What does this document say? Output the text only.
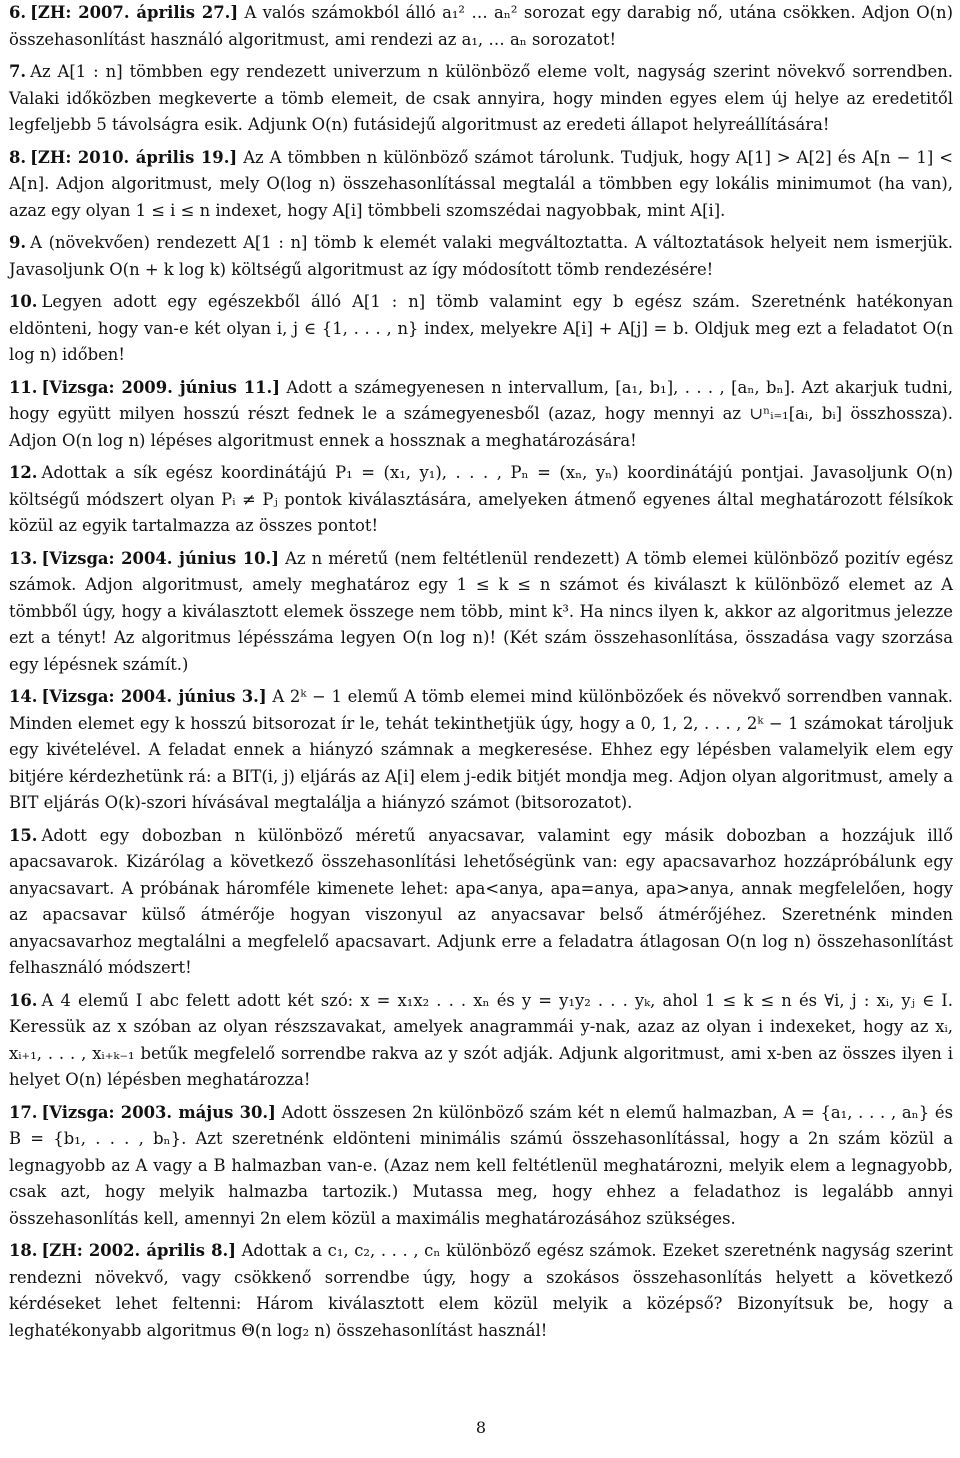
6. [ZH: 2007. április 27.] A valós számokból álló a₁² … aₙ² sorozat egy darabig nő, utána csökken. Adjon O(n) összehasonlítást használó algoritmust, ami rendezi az a₁, … aₙ sorozatot!

7. Az A[1 : n] tömbben egy rendezett univerzum n különböző eleme volt, nagyság szerint növekvő sorrendben. Valaki időközben megkeverte a tömb elemeit, de csak annyira, hogy minden egyes elem új helye az eredetitől legfeljebb 5 távolságra esik. Adjunk O(n) futásidejű algoritmust az eredeti állapot helyreállítására!

8. [ZH: 2010. április 19.] Az A tömbben n különböző számot tárolunk. Tudjuk, hogy A[1] > A[2] és A[n − 1] < A[n]. Adjon algoritmust, mely O(log n) összehasonlítással megtalál a tömbben egy lokális minimumot (ha van), azaz egy olyan 1 ≤ i ≤ n indexet, hogy A[i] tömbbeli szomszédai nagyobbak, mint A[i].

9. A (növekvően) rendezett A[1 : n] tömb k elemét valaki megváltoztatta. A változtatások helyeit nem ismerjük. Javasoljunk O(n + k log k) költségű algoritmust az így módosított tömb rendezésére!

10. Legyen adott egy egészekből álló A[1 : n] tömb valamint egy b egész szám. Szeretnénk hatékonyan eldönteni, hogy van-e két olyan i, j ∈ {1, . . . , n} index, melyekre A[i] + A[j] = b. Oldjuk meg ezt a feladatot O(n log n) időben!

11. [Vizsga: 2009. június 11.] Adott a számegyenesen n intervallum, [a₁, b₁], . . . , [aₙ, bₙ]. Azt akarjuk tudni, hogy együtt milyen hosszú részt fednek le a számegyenesből (azaz, hogy mennyi az ∪ⁿᵢ₌₁[aᵢ, bᵢ] összhossza). Adjon O(n log n) lépéses algoritmust ennek a hossznak a meghatározására!

12. Adottak a sík egész koordinátájú P₁ = (x₁, y₁), . . . , Pₙ = (xₙ, yₙ) koordinátájú pontjai. Javasoljunk O(n) költségű módszert olyan Pᵢ ≠ Pⱼ pontok kiválasztására, amelyeken átmenő egyenes által meghatározott félsíkok közül az egyik tartalmazza az összes pontot!

13. [Vizsga: 2004. június 10.] Az n méretű (nem feltétlenül rendezett) A tömb elemei különböző pozitív egész számok. Adjon algoritmust, amely meghatároz egy 1 ≤ k ≤ n számot és kiválaszt k különböző elemet az A tömbből úgy, hogy a kiválasztott elemek összege nem több, mint k³. Ha nincs ilyen k, akkor az algoritmus jelezze ezt a tényt! Az algoritmus lépésszáma legyen O(n log n)! (Két szám összehasonlítása, összadása vagy szorzása egy lépésnek számít.)

14. [Vizsga: 2004. június 3.] A 2ᵏ − 1 elemű A tömb elemei mind különbözőek és növekvő sorrendben vannak. Minden elemet egy k hosszú bitsorozat ír le, tehát tekinthetjük úgy, hogy a 0, 1, 2, . . . , 2ᵏ − 1 számokat tároljuk egy kivételével. A feladat ennek a hiányzó számnak a megkeresése. Ehhez egy lépésben valamelyik elem egy bitjére kérdezhetünk rá: a BIT(i, j) eljárás az A[i] elem j-edik bitjét mondja meg. Adjon olyan algoritmust, amely a BIT eljárás O(k)-szori hívásával megtalálja a hiányzó számot (bitsorozatot).

15. Adott egy dobozban n különböző méretű anyacsavar, valamint egy másik dobozban a hozzájuk illő apacsavarok. Kizárólag a következő összehasonlítási lehetőségünk van: egy apacsavarhoz hozzápróbálunk egy anyacsavart. A próbának háromféle kimenete lehet: apa<anya, apa=anya, apa>anya, annak megfelelően, hogy az apacsavar külső átmérője hogyan viszonyul az anyacsavar belső átmérőjéhez. Szeretnénk minden anyacsavarhoz megtalálni a megfelelő apacsavart. Adjunk erre a feladatra átlagosan O(n log n) összehasonlítást felhasználó módszert!

16. A 4 elemű I abc felett adott két szó: x = x₁x₂ . . . xₙ és y = y₁y₂ . . . yₖ, ahol 1 ≤ k ≤ n és ∀i, j : xᵢ, yⱼ ∈ I. Keressük az x szóban az olyan részszavakat, amelyek anagrammái y-nak, azaz az olyan i indexeket, hogy az xᵢ, xᵢ₊₁, . . . , xᵢ₊ₖ₋₁ betűk megfelelő sorrendbe rakva az y szót adják. Adjunk algoritmust, ami x-ben az összes ilyen i helyet O(n) lépésben meghatározza!

17. [Vizsga: 2003. május 30.] Adott összesen 2n különböző szám két n elemű halmazban, A = {a₁, . . . , aₙ} és B = {b₁, . . . , bₙ}. Azt szeretnénk eldönteni minimális számú összehasonlítással, hogy a 2n szám közül a legnagyobb az A vagy a B halmazban van-e. (Azaz nem kell feltétlenül meghatározni, melyik elem a legnagyobb, csak azt, hogy melyik halmazba tartozik.) Mutassa meg, hogy ehhez a feladathoz is legalább annyi összehasonlítás kell, amennyi 2n elem közül a maximális meghatározásához szükséges.

18. [ZH: 2002. április 8.] Adottak a c₁, c₂, . . . , cₙ különböző egész számok. Ezeket szeretnénk nagyság szerint rendezni növekvő, vagy csökkenő sorrendbe úgy, hogy a szokásos összehasonlítás helyett a következő kérdéseket lehet feltenni: Három kiválasztott elem közül melyik a középső? Bizonyítsuk be, hogy a leghatékonyabb algoritmus Θ(n log₂ n) összehasonlítást használ!

8
